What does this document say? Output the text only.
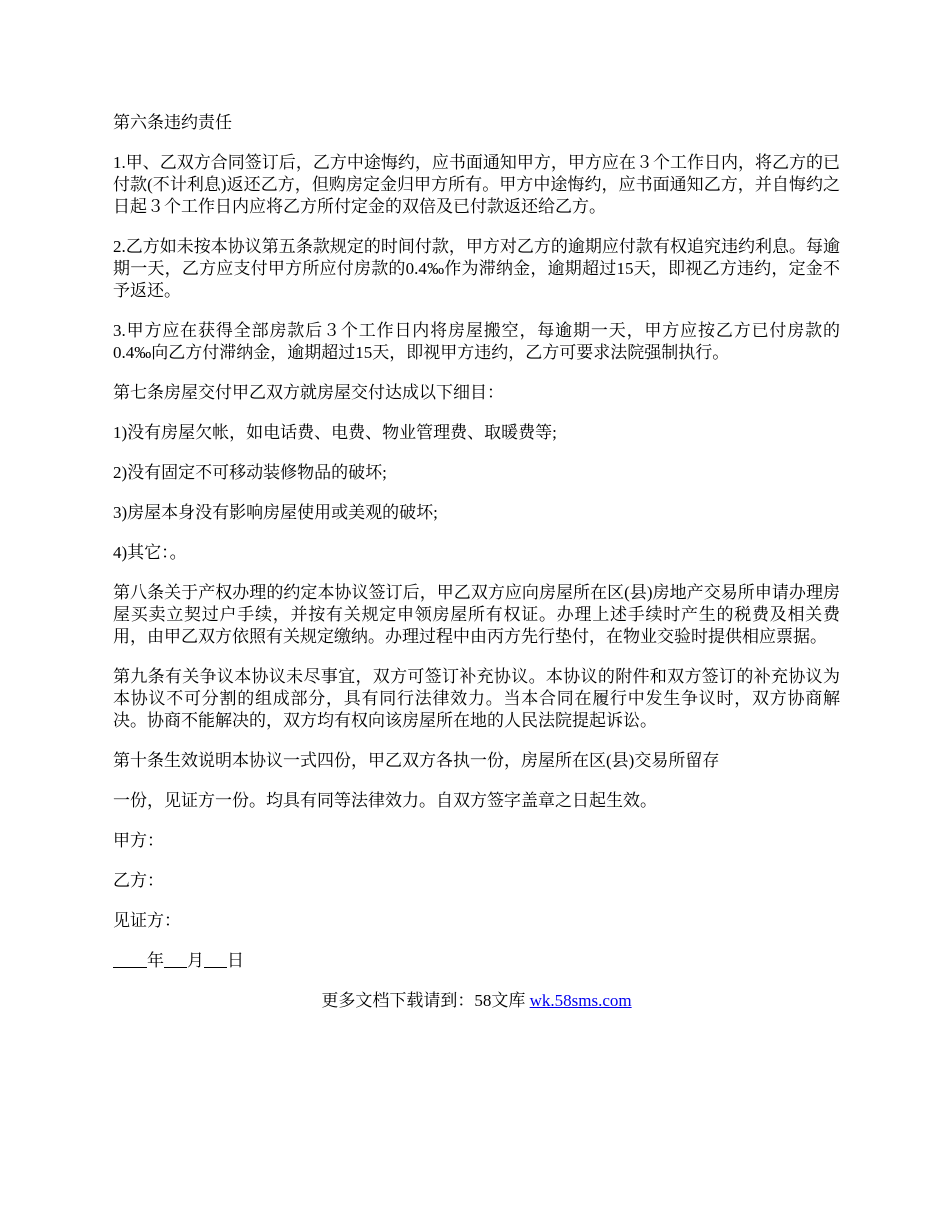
第六条违约责任

1.甲、乙双方合同签订后，乙方中途悔约，应书面通知甲方，甲方应在３个工作日内，将乙方的已付款(不计利息)返还乙方，但购房定金归甲方所有。甲方中途悔约，应书面通知乙方，并自悔约之日起３个工作日内应将乙方所付定金的双倍及已付款返还给乙方。

2.乙方如未按本协议第五条款规定的时间付款，甲方对乙方的逾期应付款有权追究违约利息。每逾期一天，乙方应支付甲方所应付房款的0.4‰作为滞纳金，逾期超过15天，即视乙方违约，定金不予返还。

3.甲方应在获得全部房款后３个工作日内将房屋搬空，每逾期一天，甲方应按乙方已付房款的0.4‰向乙方付滞纳金，逾期超过15天，即视甲方违约，乙方可要求法院强制执行。

第七条房屋交付甲乙双方就房屋交付达成以下细目：

1)没有房屋欠帐，如电话费、电费、物业管理费、取暖费等;

2)没有固定不可移动装修物品的破坏;

3)房屋本身没有影响房屋使用或美观的破坏;

4)其它：。

第八条关于产权办理的约定本协议签订后，甲乙双方应向房屋所在区(县)房地产交易所申请办理房屋买卖立契过户手续，并按有关规定申领房屋所有权证。办理上述手续时产生的税费及相关费用，由甲乙双方依照有关规定缴纳。办理过程中由丙方先行垫付，在物业交验时提供相应票据。

第九条有关争议本协议未尽事宜，双方可签订补充协议。本协议的附件和双方签订的补充协议为本协议不可分割的组成部分，具有同行法律效力。当本合同在履行中发生争议时，双方协商解决。协商不能解决的，双方均有权向该房屋所在地的人民法院提起诉讼。

第十条生效说明本协议一式四份，甲乙双方各执一份，房屋所在区(县)交易所留存

一份，见证方一份。均具有同等法律效力。自双方签字盖章之日起生效。

甲方：

乙方：

见证方：

年 月 日

更多文档下载请到：58文库 wk.58sms.com
